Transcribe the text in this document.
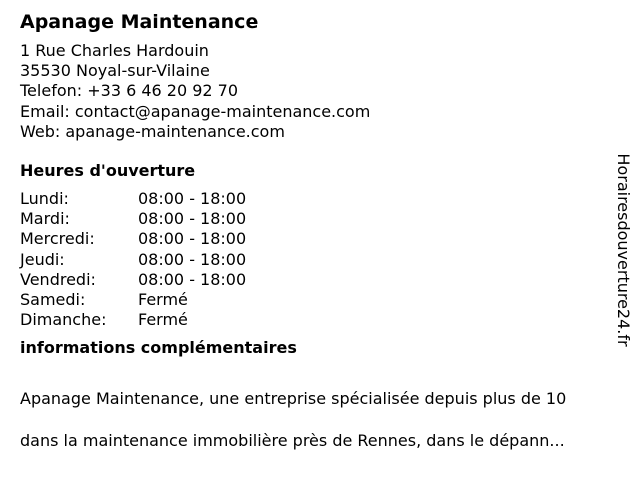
Apanage Maintenance
1 Rue Charles Hardouin
35530 Noyal-sur-Vilaine
Telefon: +33 6 46 20 92 70
Email: contact@apanage-maintenance.com
Web: apanage-maintenance.com
Heures d'ouverture
Lundi:	08:00 - 18:00
Mardi:	08:00 - 18:00
Mercredi:	08:00 - 18:00
Jeudi:	08:00 - 18:00
Vendredi:	08:00 - 18:00
Samedi:	Fermé
Dimanche:	Fermé
informations complémentaires

Apanage Maintenance, une entreprise spécialisée depuis plus de 10

dans la maintenance immobilière près de Rennes, dans le dépann...

Horairesdouverture24.fr
